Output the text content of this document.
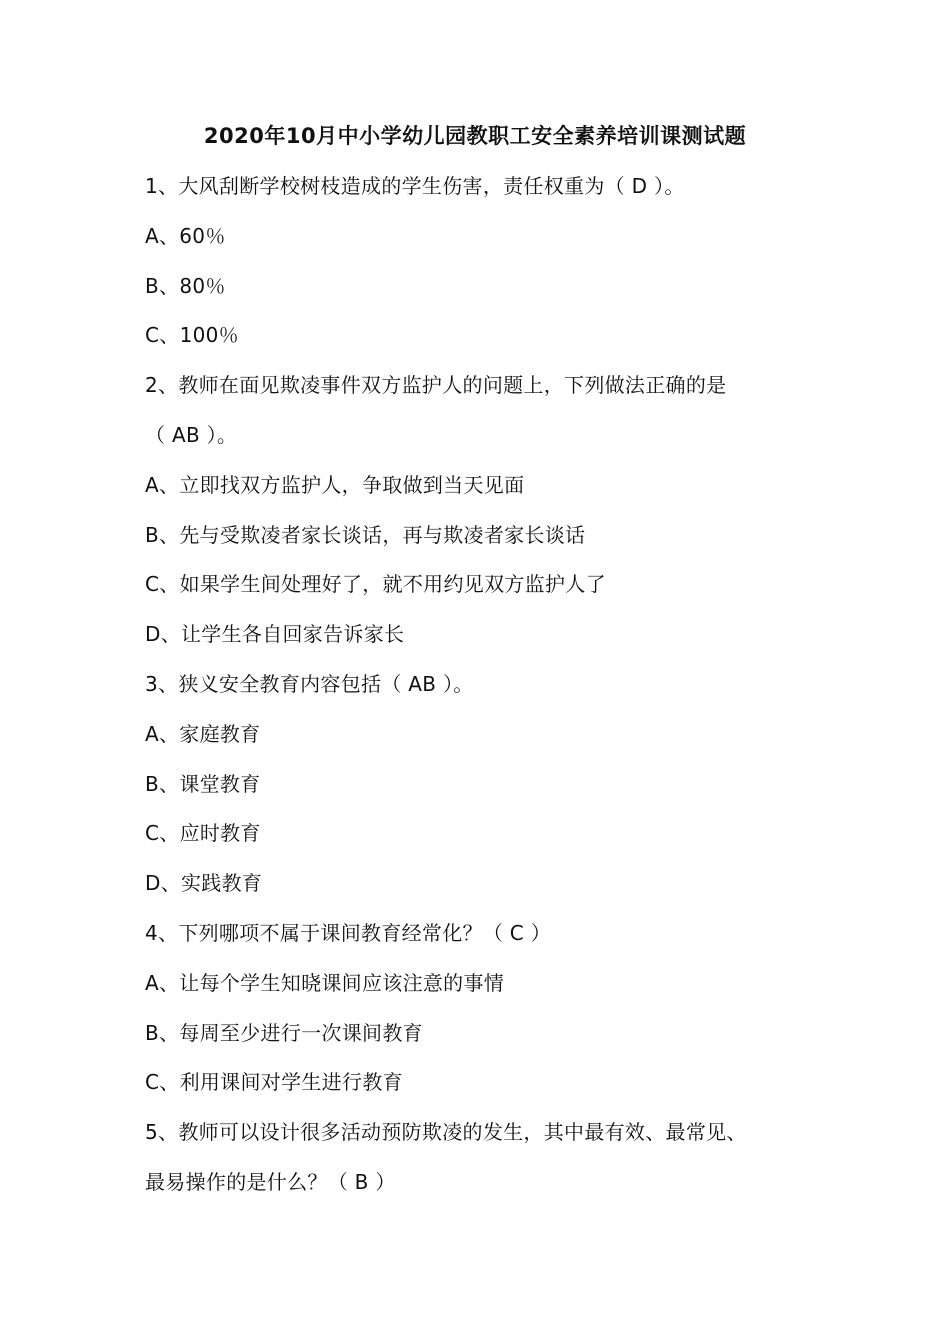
2020年10月中小学幼儿园教职工安全素养培训课测试题
1、大风刮断学校树枝造成的学生伤害，责任权重为（ D ）。
A、60％
B、80％
C、100％
2、教师在面见欺凌事件双方监护人的问题上，下列做法正确的是
（ AB ）。
A、立即找双方监护人，争取做到当天见面
B、先与受欺凌者家长谈话，再与欺凌者家长谈话
C、如果学生间处理好了，就不用约见双方监护人了
D、让学生各自回家告诉家长
3、狭义安全教育内容包括（ AB ）。
A、家庭教育
B、课堂教育
C、应时教育
D、实践教育
4、下列哪项不属于课间教育经常化？（ C ）
A、让每个学生知晓课间应该注意的事情
B、每周至少进行一次课间教育
C、利用课间对学生进行教育
5、教师可以设计很多活动预防欺凌的发生，其中最有效、最常见、
最易操作的是什么？（ B ）
